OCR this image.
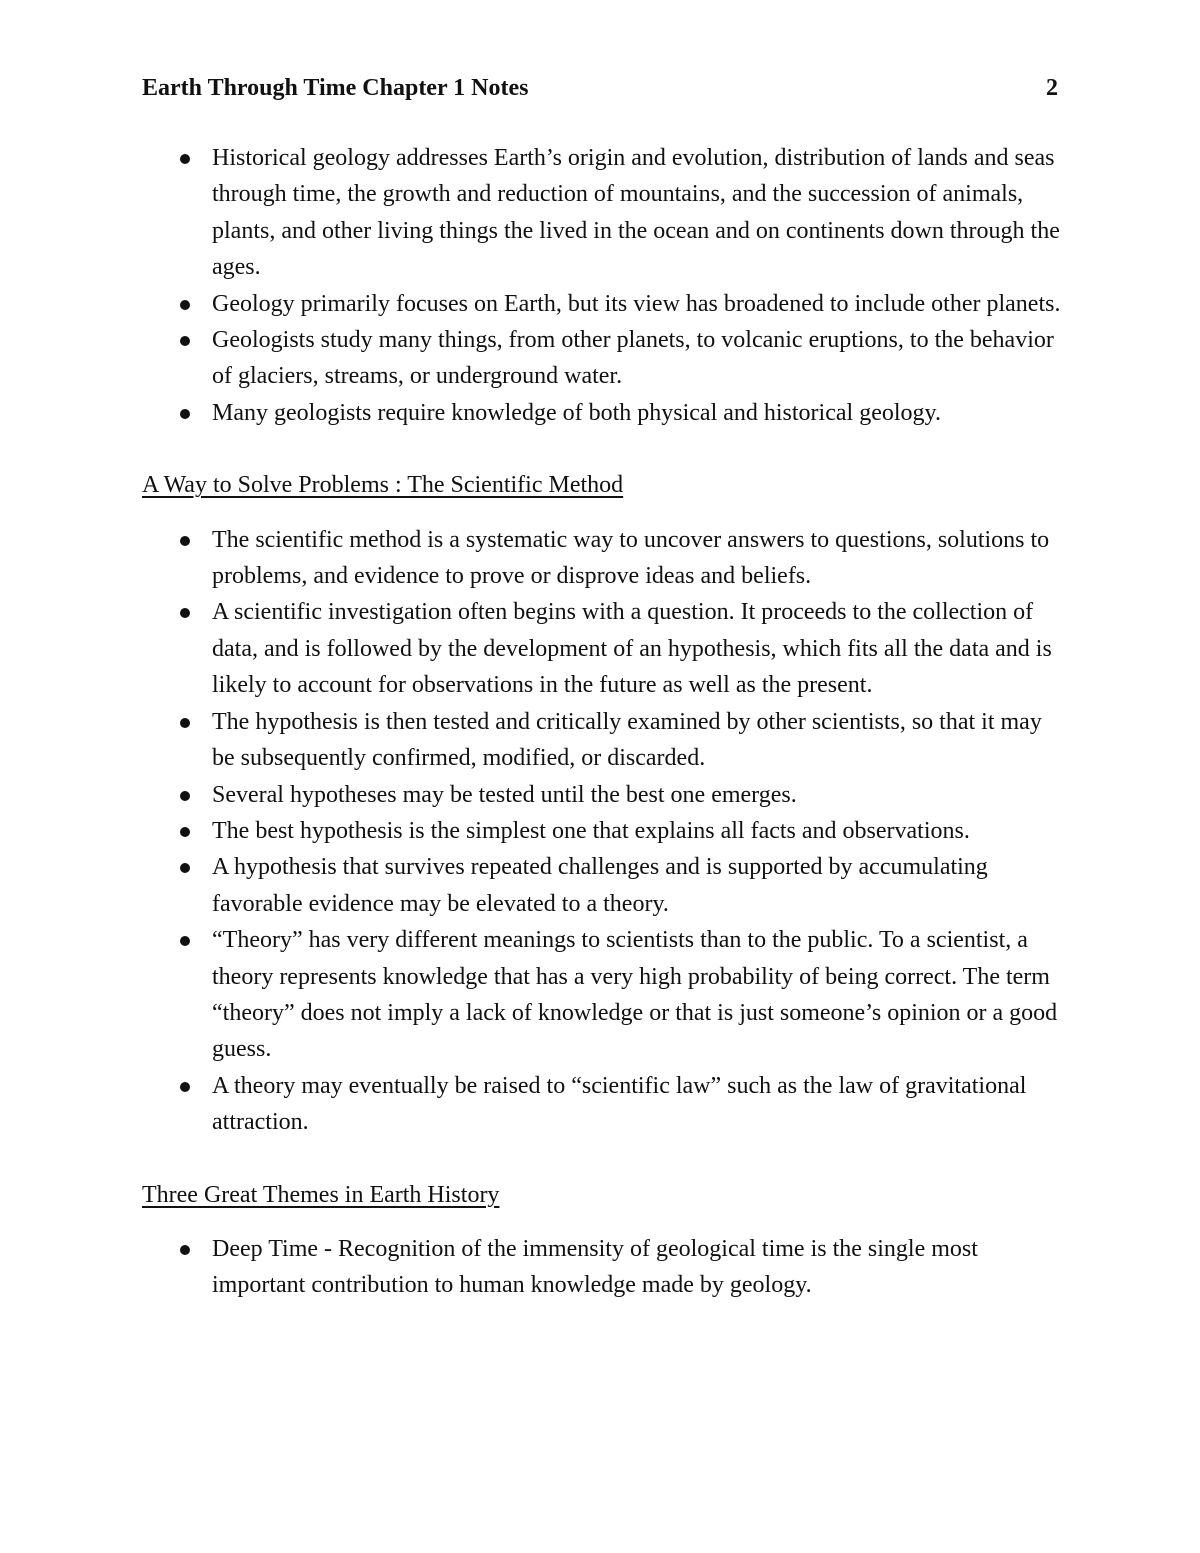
Earth Through Time Chapter 1 Notes	2
Historical geology addresses Earth’s origin and evolution, distribution of lands and seas through time, the growth and reduction of mountains, and the succession of animals, plants, and other living things the lived in the ocean and on continents down through the ages.
Geology primarily focuses on Earth, but its view has broadened to include other planets.
Geologists study many things, from other planets, to volcanic eruptions, to the behavior of glaciers, streams, or underground water.
Many geologists require knowledge of both physical and historical geology.
A Way to Solve Problems : The Scientific Method
The scientific method is a systematic way to uncover answers to questions, solutions to problems, and evidence to prove or disprove ideas and beliefs.
A scientific investigation often begins with a question. It proceeds to the collection of data, and is followed by the development of an hypothesis, which fits all the data and is likely to account for observations in the future as well as the present.
The hypothesis is then tested and critically examined by other scientists, so that it may be subsequently confirmed, modified, or discarded.
Several hypotheses may be tested until the best one emerges.
The best hypothesis is the simplest one that explains all facts and observations.
A hypothesis that survives repeated challenges and is supported by accumulating favorable evidence may be elevated to a theory.
“Theory” has very different meanings to scientists than to the public. To a scientist, a theory represents knowledge that has a very high probability of being correct. The term “theory” does not imply a lack of knowledge or that is just someone’s opinion or a good guess.
A theory may eventually be raised to “scientific law” such as the law of gravitational attraction.
Three Great Themes in Earth History
Deep Time - Recognition of the immensity of geological time is the single most important contribution to human knowledge made by geology.
